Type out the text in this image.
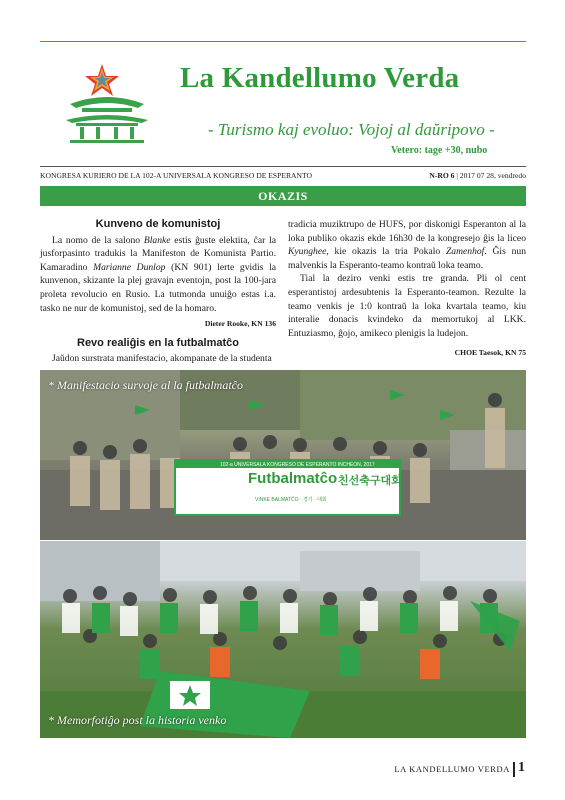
La Kandellumo Verda
- Turismo kaj evoluo: Vojoj al daŭripovo -
Vetero: tage +30, nubo
KONGRESA KURIERO DE LA 102-A UNIVERSALA KONGRESO DE ESPERANTO	N-RO 6 | 2017 07 28, vendredo
OKAZIS
Kunveno de komunistoj

La nomo de la salono Blanke estis ĝuste elektita, ĉar la jusforpasinto tradukis la Manifeston de Komunista Partio. Kamaradino Marianne Dunlop (KN 901) lerte gvidis la kunvenon, skizante la plej gravajn eventojn, post la 100-jara proleta revolucio en Rusio. La tutmonda unuiĝo estas i.a. tasko ne nur de komunistoj, sed de la homaro.

Dieter Rooke, KN 136
Revo realiĝis en la futbalmatĉo

Jaŭdon surstrata manifestacio, akompanate de la studenta

tradicia muziktrupo de HUFS, por diskonigi Esperanton al la loka publiko okazis ekde 16h30 de la kongresejo ĝis la liceo Kyunghee, kie okazis la tria Pokalo Zamenhof. Ĝis nun malvenkis la Esperanto-teamo kontraŭ loka teamo.

Tial la deziro venki estis tre granda. Pli ol cent esperantistoj ardesubtenis la Esperanto-teamon. Rezulte la teamo venkis je 1:0 kontraŭ la loka kvartala teamo, kiu interalie donacis kvindeko da memortukoj al LKK. Entuziasmo, ĝojo, amikeco plenigis la ludejon.

CHOE Taesok, KN 75
102-a UNIVERSALA KONGRESO DE ESPERANTO INCHEON, 2017
Futbalmatĉo 친선축구대회
VINKE BALMATĈO · 경기 · 대회
* Manifestacio survoje al la futbalmatĉo
* Memorfotiĝo post la historia venko
LA KANDELLUMO VERDA 1
